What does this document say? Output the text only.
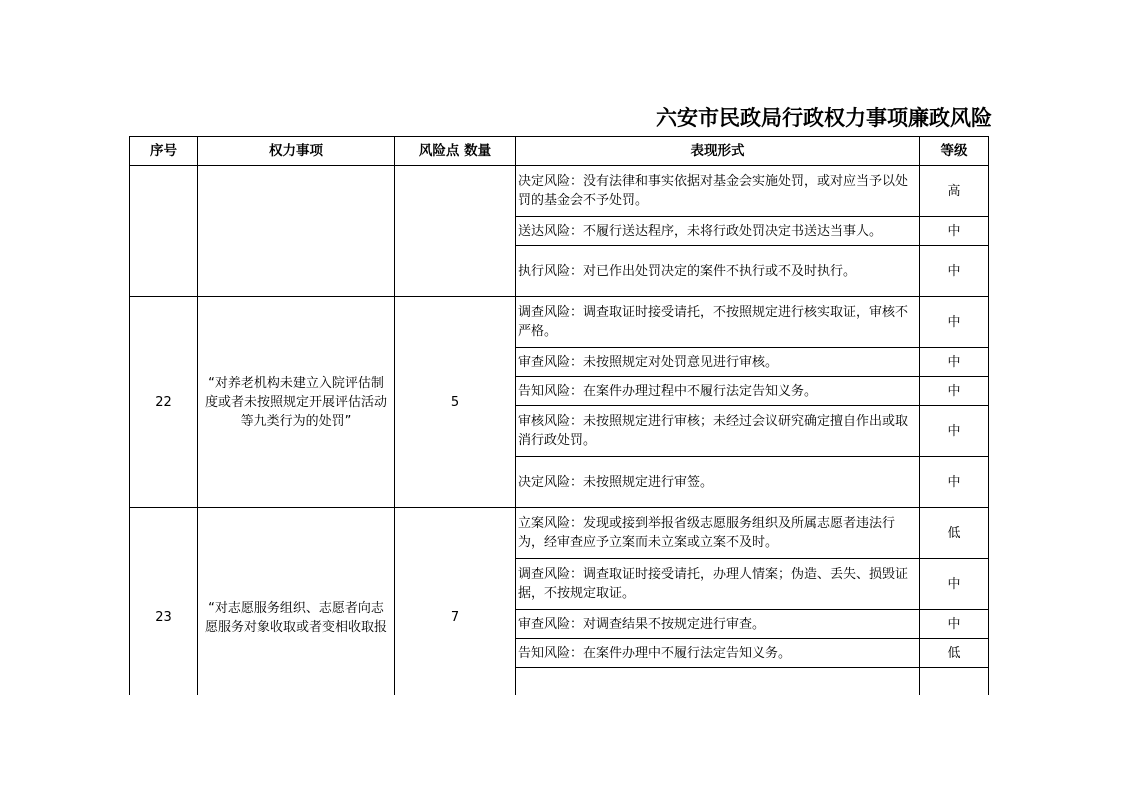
六安市民政局行政权力事项廉政风险
序号	权力事项	风险点 数量	表现形式	等级
			决定风险：没有法律和事实依据对基金会实施处罚，或对应当予以处罚的基金会不予处罚。	高
			送达风险：不履行送达程序，未将行政处罚决定书送达当事人。	中
			执行风险：对已作出处罚决定的案件不执行或不及时执行。	中
22	“对养老机构未建立入院评估制度或者未按照规定开展评估活动等九类行为的处罚”	5	调查风险：调查取证时接受请托，不按照规定进行核实取证，审核不严格。	中
			审查风险：未按照规定对处罚意见进行审核。	中
			告知风险：在案件办理过程中不履行法定告知义务。	中
			审核风险：未按照规定进行审核；未经过会议研究确定擅自作出或取消行政处罚。	中
			决定风险：未按照规定进行审签。	中
23	“对志愿服务组织、志愿者向志愿服务对象收取或者变相收取报	7	立案风险：发现或接到举报省级志愿服务组织及所属志愿者违法行为，经审查应予立案而未立案或立案不及时。	低
			调查风险：调查取证时接受请托，办理人情案；伪造、丢失、损毁证据，不按规定取证。	中
			审查风险：对调查结果不按规定进行审查。	中
			告知风险：在案件办理中不履行法定告知义务。	低
